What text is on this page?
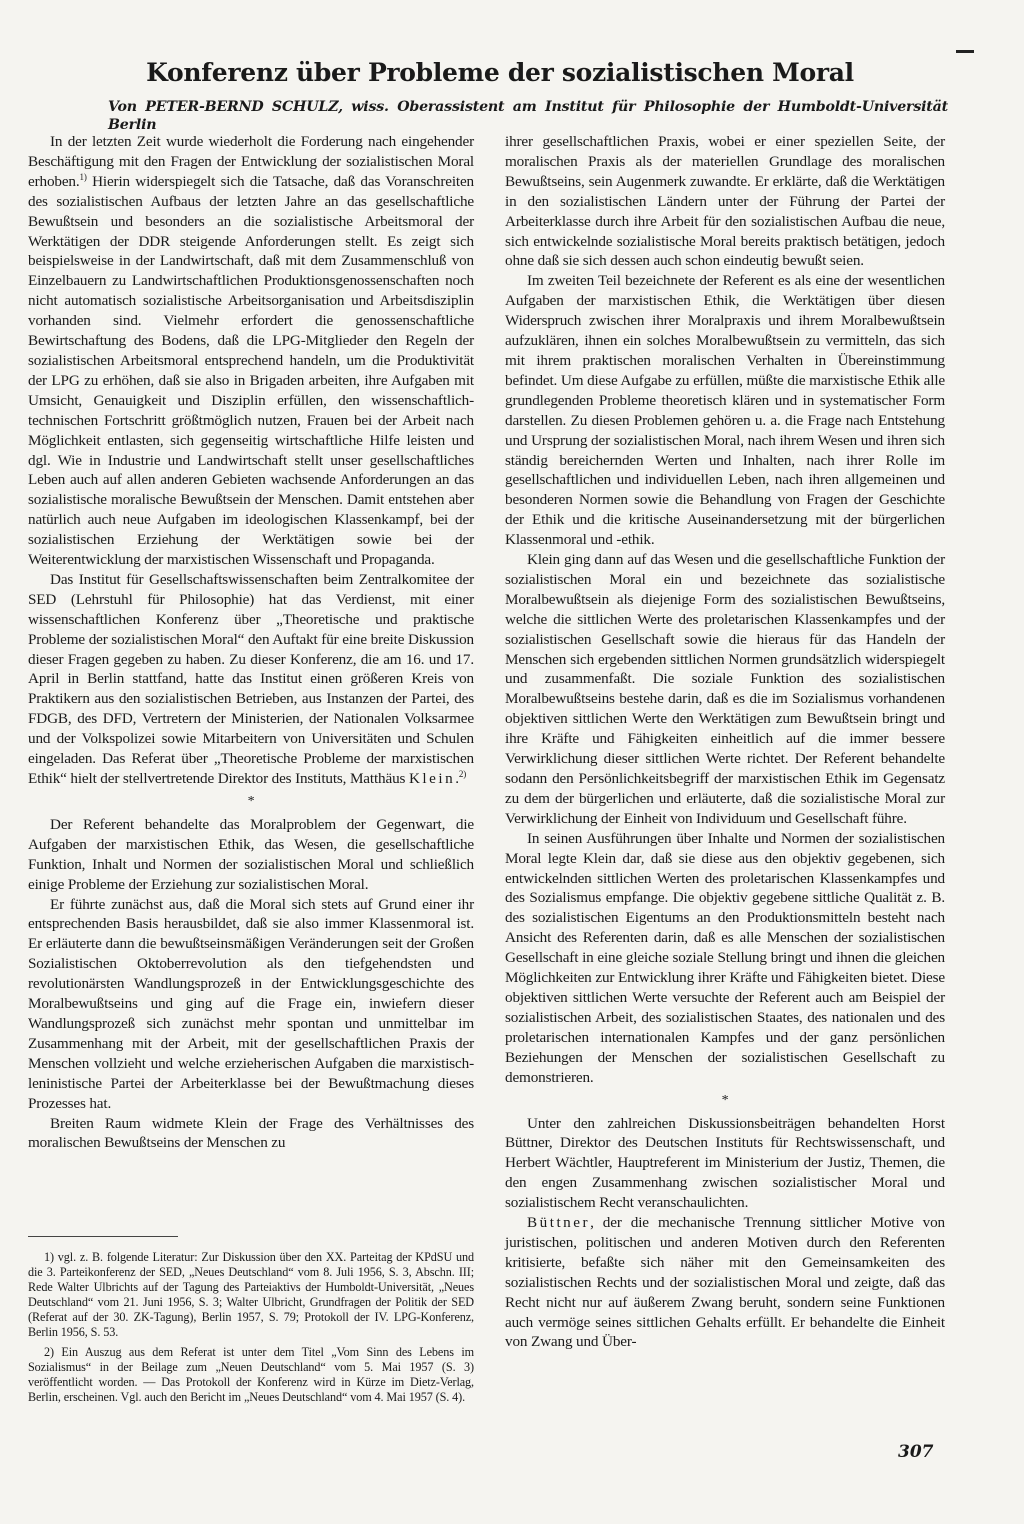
Konferenz über Probleme der sozialistischen Moral
Von PETER-BERND SCHULZ, wiss. Oberassistent am Institut für Philosophie der Humboldt-Universität Berlin

In der letzten Zeit wurde wiederholt die Forderung nach eingehender Beschäftigung mit den Fragen der Entwicklung der sozialistischen Moral erhoben.$^{1)}$ Hierin widerspiegelt sich die Tatsache, daß das Voranschreiten des sozialistischen Aufbaus der letzten Jahre an das gesellschaftliche Bewußtsein und besonders an die sozialistische Arbeitsmoral der Werktätigen der DDR steigende Anforderungen stellt. Es zeigt sich beispielsweise in der Landwirtschaft, daß mit dem Zusammenschluß von Einzelbauern zu Landwirtschaftlichen Produktionsgenossenschaften noch nicht automatisch sozialistische Arbeitsorganisation und Arbeitsdisziplin vorhanden sind. Vielmehr erfordert die genossenschaftliche Bewirtschaftung des Bodens, daß die LPG-Mitglieder den Regeln der sozialistischen Arbeitsmoral entsprechend handeln, um die Produktivität der LPG zu erhöhen, daß sie also in Brigaden arbeiten, ihre Aufgaben mit Umsicht, Genauigkeit und Disziplin erfüllen, den wissenschaftlich-technischen Fortschritt größtmöglich nutzen, Frauen bei der Arbeit nach Möglichkeit entlasten, sich gegenseitig wirtschaftliche Hilfe leisten und dgl. Wie in Industrie und Landwirtschaft stellt unser gesellschaftliches Leben auch auf allen anderen Gebieten wachsende Anforderungen an das sozialistische moralische Bewußtsein der Menschen. Damit entstehen aber natürlich auch neue Aufgaben im ideologischen Klassenkampf, bei der sozialistischen Erziehung der Werktätigen sowie bei der Weiterentwicklung der marxistischen Wissenschaft und Propaganda.

Das Institut für Gesellschaftswissenschaften beim Zentralkomitee der SED (Lehrstuhl für Philosophie) hat das Verdienst, mit einer wissenschaftlichen Konferenz über „Theoretische und praktische Probleme der sozialistischen Moral“ den Auftakt für eine breite Diskussion dieser Fragen gegeben zu haben. Zu dieser Konferenz, die am 16. und 17. April in Berlin stattfand, hatte das Institut einen größeren Kreis von Praktikern aus den sozialistischen Betrieben, aus Instanzen der Partei, des FDGB, des DFD, Vertretern der Ministerien, der Nationalen Volksarmee und der Volkspolizei sowie Mitarbeitern von Universitäten und Schulen eingeladen. Das Referat über „Theoretische Probleme der marxistischen Ethik“ hielt der stellvertretende Direktor des Instituts, Matthäus Klein.$^{2)}$

*

Der Referent behandelte das Moralproblem der Gegenwart, die Aufgaben der marxistischen Ethik, das Wesen, die gesellschaftliche Funktion, Inhalt und Normen der sozialistischen Moral und schließlich einige Probleme der Erziehung zur sozialistischen Moral.

Er führte zunächst aus, daß die Moral sich stets auf Grund einer ihr entsprechenden Basis herausbildet, daß sie also immer Klassenmoral ist. Er erläuterte dann die bewußtseinsmäßigen Veränderungen seit der Großen Sozialistischen Oktoberrevolution als den tiefgehendsten und revolutionärsten Wandlungsprozeß in der Entwicklungsgeschichte des Moralbewußtseins und ging auf die Frage ein, inwiefern dieser Wandlungsprozeß sich zunächst mehr spontan und unmittelbar im Zusammenhang mit der Arbeit, mit der gesellschaftlichen Praxis der Menschen vollzieht und welche erzieherischen Aufgaben die marxistisch-leninistische Partei der Arbeiterklasse bei der Bewußtmachung dieses Prozesses hat.

Breiten Raum widmete Klein der Frage des Verhältnisses des moralischen Bewußtseins der Menschen zu

1) vgl. z. B. folgende Literatur: Zur Diskussion über den XX. Parteitag der KPdSU und die 3. Parteikonferenz der SED, „Neues Deutschland“ vom 8. Juli 1956, S. 3, Abschn. III; Rede Walter Ulbrichts auf der Tagung des Parteiaktivs der Humboldt-Universität, „Neues Deutschland“ vom 21. Juni 1956, S. 3; Walter Ulbricht, Grundfragen der Politik der SED (Referat auf der 30. ZK-Tagung), Berlin 1957, S. 79; Protokoll der IV. LPG-Konferenz, Berlin 1956, S. 53.

2) Ein Auszug aus dem Referat ist unter dem Titel „Vom Sinn des Lebens im Sozialismus“ in der Beilage zum „Neuen Deutschland“ vom 5. Mai 1957 (S. 3) veröffentlicht worden. — Das Protokoll der Konferenz wird in Kürze im Dietz-Verlag, Berlin, erscheinen. Vgl. auch den Bericht im „Neues Deutschland“ vom 4. Mai 1957 (S. 4).

ihrer gesellschaftlichen Praxis, wobei er einer speziellen Seite, der moralischen Praxis als der materiellen Grundlage des moralischen Bewußtseins, sein Augenmerk zuwandte. Er erklärte, daß die Werktätigen in den sozialistischen Ländern unter der Führung der Partei der Arbeiterklasse durch ihre Arbeit für den sozialistischen Aufbau die neue, sich entwickelnde sozialistische Moral bereits praktisch betätigen, jedoch ohne daß sie sich dessen auch schon eindeutig bewußt seien.

Im zweiten Teil bezeichnete der Referent es als eine der wesentlichen Aufgaben der marxistischen Ethik, die Werktätigen über diesen Widerspruch zwischen ihrer Moralpraxis und ihrem Moralbewußtsein aufzuklären, ihnen ein solches Moralbewußtsein zu vermitteln, das sich mit ihrem praktischen moralischen Verhalten in Übereinstimmung befindet. Um diese Aufgabe zu erfüllen, müßte die marxistische Ethik alle grundlegenden Probleme theoretisch klären und in systematischer Form darstellen. Zu diesen Problemen gehören u. a. die Frage nach Entstehung und Ursprung der sozialistischen Moral, nach ihrem Wesen und ihren sich ständig bereichernden Werten und Inhalten, nach ihrer Rolle im gesellschaftlichen und individuellen Leben, nach ihren allgemeinen und besonderen Normen sowie die Behandlung von Fragen der Geschichte der Ethik und die kritische Auseinandersetzung mit der bürgerlichen Klassenmoral und -ethik.

Klein ging dann auf das Wesen und die gesellschaftliche Funktion der sozialistischen Moral ein und bezeichnete das sozialistische Moralbewußtsein als diejenige Form des sozialistischen Bewußtseins, welche die sittlichen Werte des proletarischen Klassenkampfes und der sozialistischen Gesellschaft sowie die hieraus für das Handeln der Menschen sich ergebenden sittlichen Normen grundsätzlich widerspiegelt und zusammenfaßt. Die soziale Funktion des sozialistischen Moralbewußtseins bestehe darin, daß es die im Sozialismus vorhandenen objektiven sittlichen Werte den Werktätigen zum Bewußtsein bringt und ihre Kräfte und Fähigkeiten einheitlich auf die immer bessere Verwirklichung dieser sittlichen Werte richtet. Der Referent behandelte sodann den Persönlichkeitsbegriff der marxistischen Ethik im Gegensatz zu dem der bürgerlichen und erläuterte, daß die sozialistische Moral zur Verwirklichung der Einheit von Individuum und Gesellschaft führe.

In seinen Ausführungen über Inhalte und Normen der sozialistischen Moral legte Klein dar, daß sie diese aus den objektiv gegebenen, sich entwickelnden sittlichen Werten des proletarischen Klassenkampfes und des Sozialismus empfange. Die objektiv gegebene sittliche Qualität z. B. des sozialistischen Eigentums an den Produktionsmitteln besteht nach Ansicht des Referenten darin, daß es alle Menschen der sozialistischen Gesellschaft in eine gleiche soziale Stellung bringt und ihnen die gleichen Möglichkeiten zur Entwicklung ihrer Kräfte und Fähigkeiten bietet. Diese objektiven sittlichen Werte versuchte der Referent auch am Beispiel der sozialistischen Arbeit, des sozialistischen Staates, des nationalen und des proletarischen internationalen Kampfes und der ganz persönlichen Beziehungen der Menschen der sozialistischen Gesellschaft zu demonstrieren.

*

Unter den zahlreichen Diskussionsbeiträgen behandelten Horst Büttner, Direktor des Deutschen Instituts für Rechtswissenschaft, und Herbert Wächtler, Hauptreferent im Ministerium der Justiz, Themen, die den engen Zusammenhang zwischen sozialistischer Moral und sozialistischem Recht veranschaulichten.

Büttner, der die mechanische Trennung sittlicher Motive von juristischen, politischen und anderen Motiven durch den Referenten kritisierte, befaßte sich näher mit den Gemeinsamkeiten des sozialistischen Rechts und der sozialistischen Moral und zeigte, daß das Recht nicht nur auf äußerem Zwang beruht, sondern seine Funktionen auch vermöge seines sittlichen Gehalts erfüllt. Er behandelte die Einheit von Zwang und Über-

307
